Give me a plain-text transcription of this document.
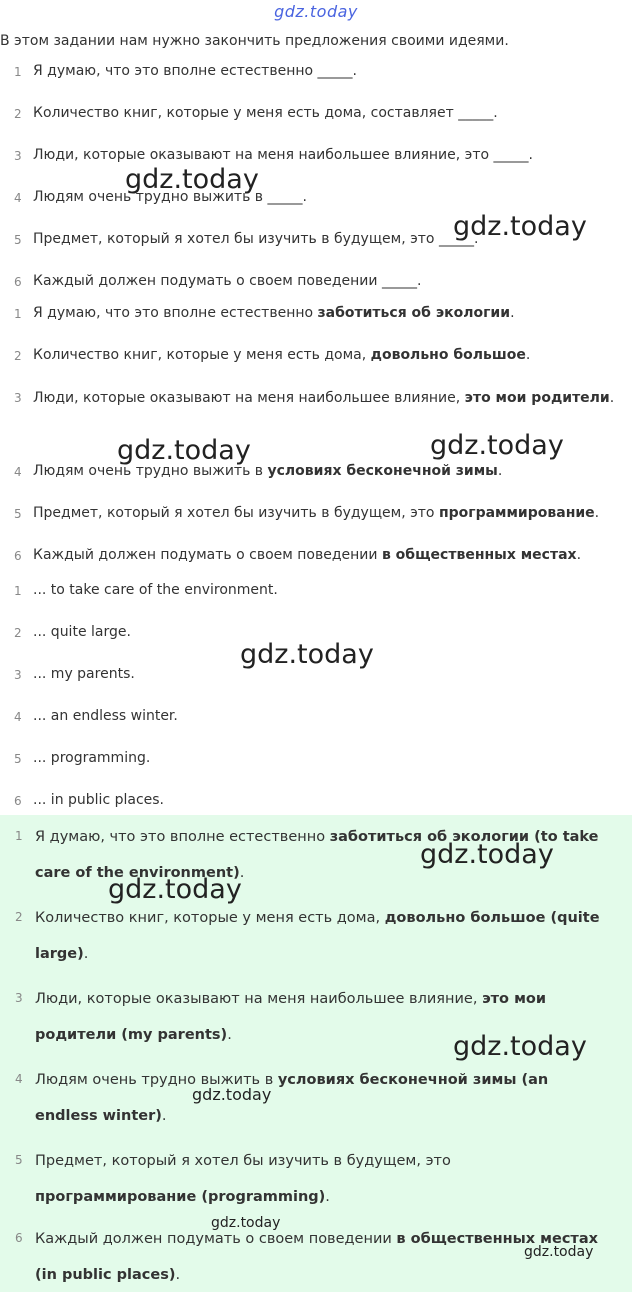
gdz.today
В этом задании нам нужно закончить предложения своими идеями.
1 Я думаю, что это вполне естественно _____.
2 Количество книг, которые у меня есть дома, составляет _____.
3 Люди, которые оказывают на меня наибольшее влияние, это _____.
4 Людям очень трудно выжить в _____.
5 Предмет, который я хотел бы изучить в будущем, это _____.
6 Каждый должен подумать о своем поведении _____.
1 Я думаю, что это вполне естественно заботиться об экологии.
2 Количество книг, которые у меня есть дома, довольно большое.
3 Люди, которые оказывают на меня наибольшее влияние, это мои родители.
4 Людям очень трудно выжить в условиях бесконечной зимы.
5 Предмет, который я хотел бы изучить в будущем, это программирование.
6 Каждый должен подумать о своем поведении в общественных местах.
1 ... to take care of the environment.
2 ... quite large.
3 ... my parents.
4 ... an endless winter.
5 ... programming.
6 ... in public places.
1 Я думаю, что это вполне естественно заботиться об экологии (to take care of the environment).
2 Количество книг, которые у меня есть дома, довольно большое (quite large).
3 Люди, которые оказывают на меня наибольшее влияние, это мои родители (my parents).
4 Людям очень трудно выжить в условиях бесконечной зимы (an endless winter).
5 Предмет, который я хотел бы изучить в будущем, это программирование (programming).
6 Каждый должен подумать о своем поведении в общественных местах (in public places).
gdz.today
gdz.today
gdz.today	gdz.today
gdz.today
gdz.today
gdz.today
gdz.today
gdz.today
gdz.today
gdz.today
